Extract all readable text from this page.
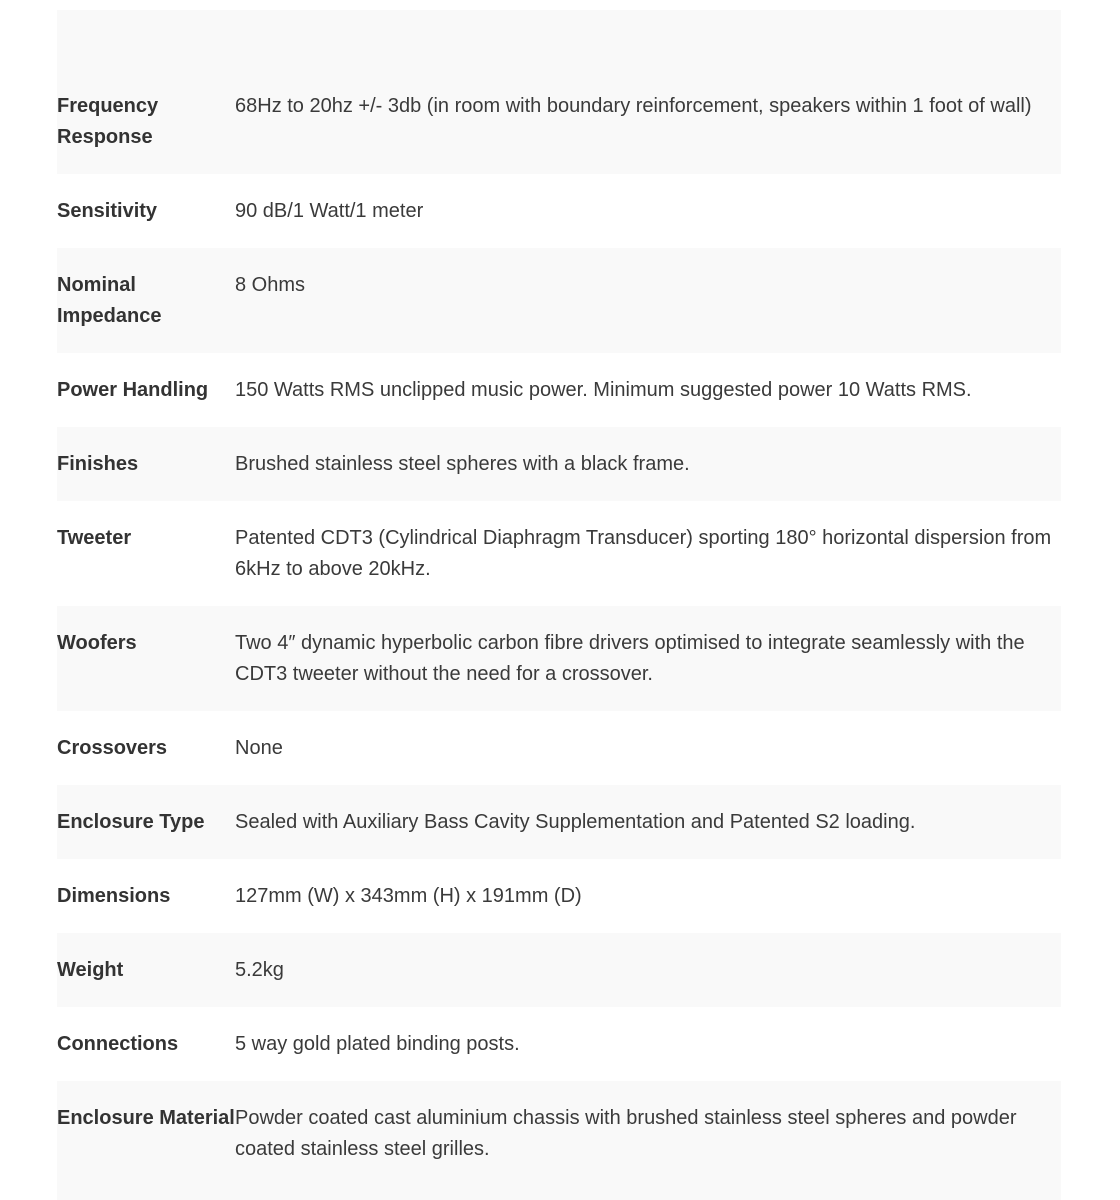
Frequency Response	68Hz to 20hz +/- 3db (in room with boundary reinforcement, speakers within 1 foot of wall)
Sensitivity	90 dB/1 Watt/1 meter
Nominal Impedance	8 Ohms
Power Handling	150 Watts RMS unclipped music power. Minimum suggested power 10 Watts RMS.
Finishes	Brushed stainless steel spheres with a black frame.
Tweeter	Patented CDT3 (Cylindrical Diaphragm Transducer) sporting 180° horizontal dispersion from 6kHz to above 20kHz.
Woofers	Two 4″ dynamic hyperbolic carbon fibre drivers optimised to integrate seamlessly with the CDT3 tweeter without the need for a crossover.
Crossovers	None
Enclosure Type	Sealed with Auxiliary Bass Cavity Supplementation and Patented S2 loading.
Dimensions	127mm (W) x 343mm (H) x 191mm (D)
Weight	5.2kg
Connections	5 way gold plated binding posts.
Enclosure Material	Powder coated cast aluminium chassis with brushed stainless steel spheres and powder coated stainless steel grilles.
